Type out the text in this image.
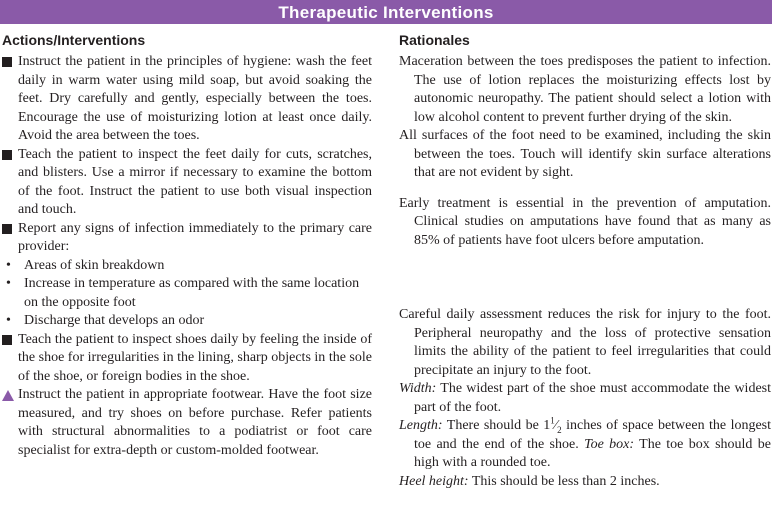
Therapeutic Interventions
Actions/Interventions	Rationales
Instruct the patient in the principles of hygiene: wash the feet daily in warm water using mild soap, but avoid soaking the feet. Dry carefully and gently, especially between the toes. Encourage the use of moisturizing lotion at least once daily. Avoid the area between the toes.
Teach the patient to inspect the feet daily for cuts, scratches, and blisters. Use a mirror if necessary to examine the bottom of the foot. Instruct the patient to use both visual inspection and touch.
Report any signs of infection immediately to the primary care provider:
• Areas of skin breakdown
• Increase in temperature as compared with the same location on the opposite foot
• Discharge that develops an odor
Teach the patient to inspect shoes daily by feeling the inside of the shoe for irregularities in the lining, sharp objects in the sole of the shoe, or foreign bodies in the shoe.
Instruct the patient in appropriate footwear. Have the foot size measured, and try shoes on before purchase. Refer patients with structural abnormalities to a podiatrist or foot care specialist for extra-depth or custom-molded footwear.
Maceration between the toes predisposes the patient to infection. The use of lotion replaces the moisturizing effects lost by autonomic neuropathy. The patient should select a lotion with low alcohol content to prevent further drying of the skin.
All surfaces of the foot need to be examined, including the skin between the toes. Touch will identify skin surface alterations that are not evident by sight.
Early treatment is essential in the prevention of amputation. Clinical studies on amputations have found that as many as 85% of patients have foot ulcers before amputation.
Careful daily assessment reduces the risk for injury to the foot. Peripheral neuropathy and the loss of protective sensation limits the ability of the patient to feel irregularities that could precipitate an injury to the foot.
Width: The widest part of the shoe must accommodate the widest part of the foot.
Length: There should be $1^1⁄_2$ inches of space between the longest toe and the end of the shoe. Toe box: The toe box should be high with a rounded toe.
Heel height: This should be less than 2 inches.
